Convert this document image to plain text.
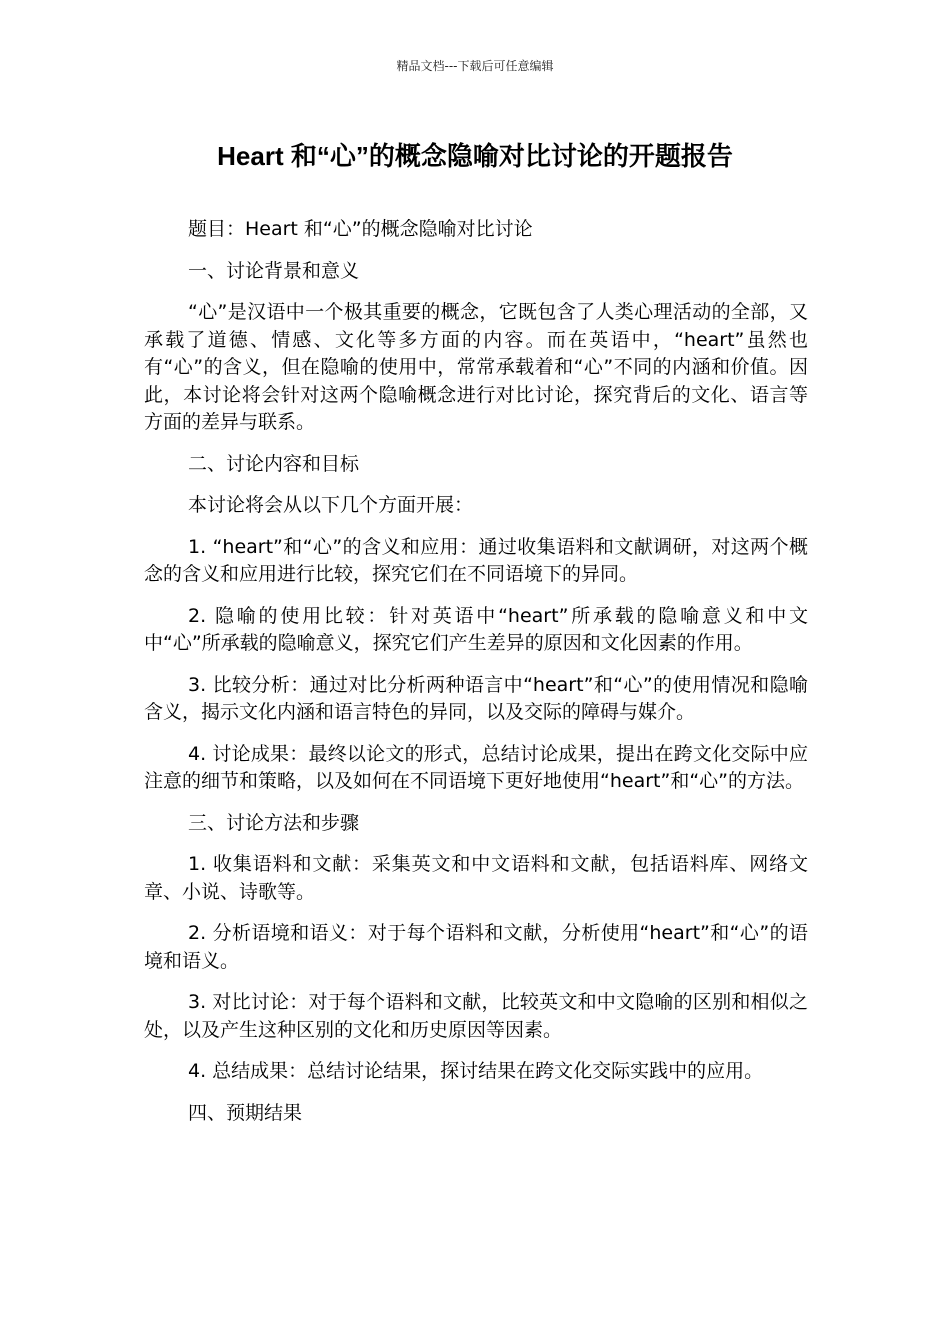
精品文档---下载后可任意编辑
Heart 和“心”的概念隐喻对比讨论的开题报告

题目：Heart 和“心”的概念隐喻对比讨论

一、讨论背景和意义

“心”是汉语中一个极其重要的概念，它既包含了人类心理活动的全部，又承载了道德、情感、文化等多方面的内容。而在英语中，“heart”虽然也有“心”的含义，但在隐喻的使用中，常常承载着和“心”不同的内涵和价值。因此，本讨论将会针对这两个隐喻概念进行对比讨论，探究背后的文化、语言等方面的差异与联系。

二、讨论内容和目标

本讨论将会从以下几个方面开展：

1. “heart”和“心”的含义和应用：通过收集语料和文献调研，对这两个概念的含义和应用进行比较，探究它们在不同语境下的异同。

2. 隐喻的使用比较：针对英语中“heart”所承载的隐喻意义和中文中“心”所承载的隐喻意义，探究它们产生差异的原因和文化因素的作用。

3. 比较分析：通过对比分析两种语言中“heart”和“心”的使用情况和隐喻含义，揭示文化内涵和语言特色的异同，以及交际的障碍与媒介。

4. 讨论成果：最终以论文的形式，总结讨论成果，提出在跨文化交际中应注意的细节和策略，以及如何在不同语境下更好地使用“heart”和“心”的方法。

三、讨论方法和步骤

1. 收集语料和文献：采集英文和中文语料和文献，包括语料库、网络文章、小说、诗歌等。

2. 分析语境和语义：对于每个语料和文献，分析使用“heart”和“心”的语境和语义。

3. 对比讨论：对于每个语料和文献，比较英文和中文隐喻的区别和相似之处，以及产生这种区别的文化和历史原因等因素。

4. 总结成果：总结讨论结果，探讨结果在跨文化交际实践中的应用。

四、预期结果
